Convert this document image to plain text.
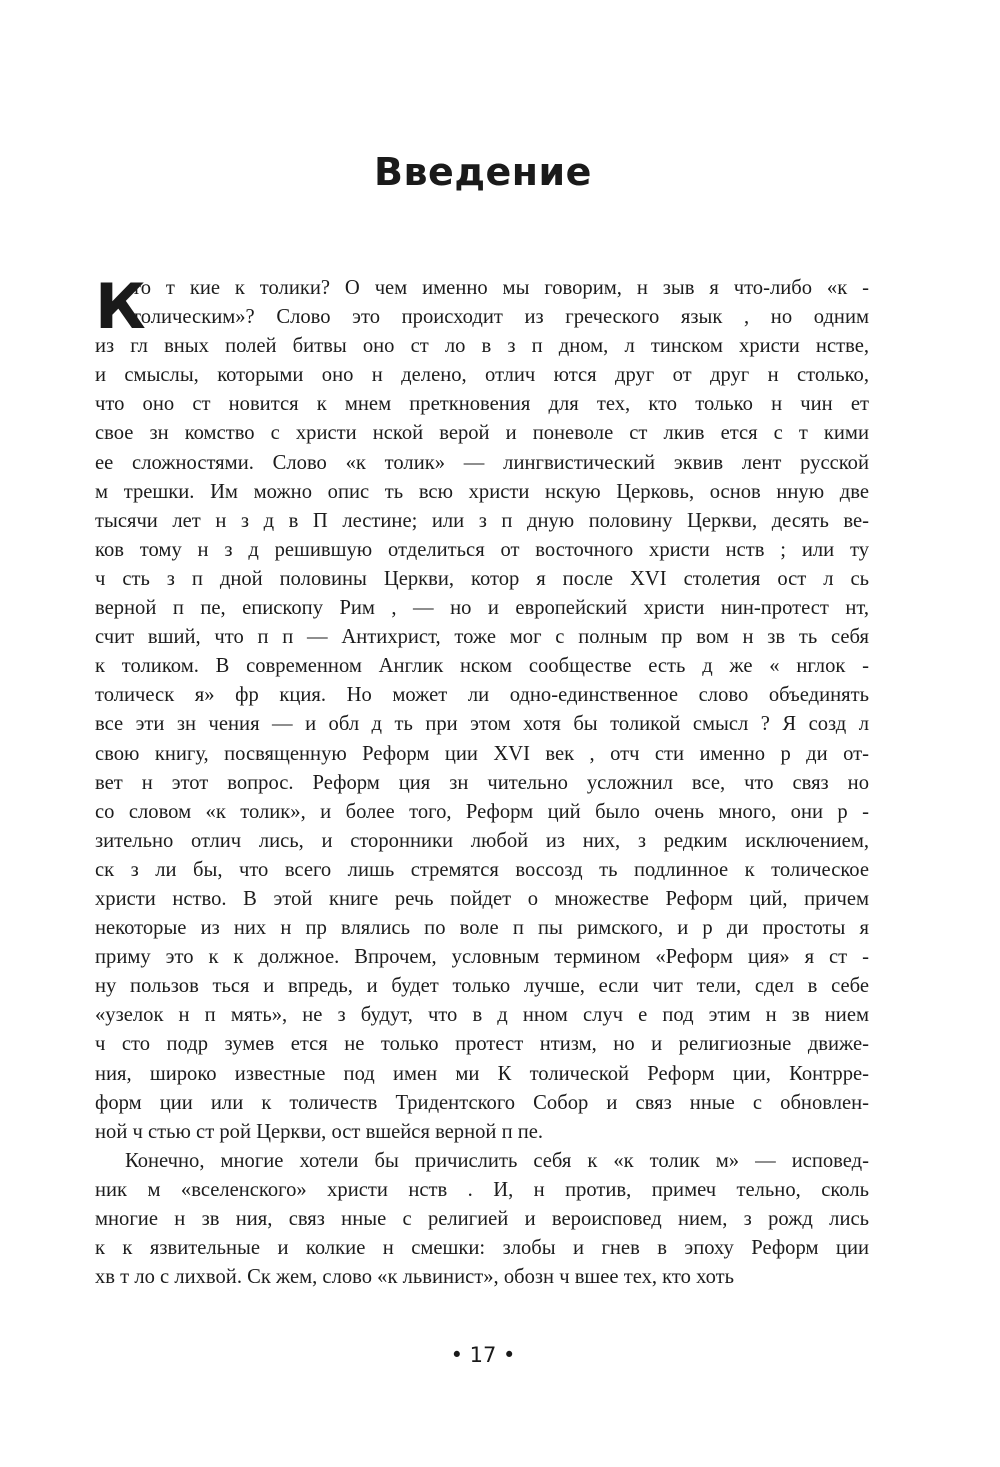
Введение
К
то т кие к толики? О чем именно мы говорим, н зыв я что-либо «к -
толическим»? Слово это происходит из греческого язык , но одним
из гл вных полей битвы оно ст ло в з п дном, л тинском христи нстве,
и смыслы, которыми оно н делено, отлич ются друг от друг н столько,
что оно ст новится к мнем преткновения для тех, кто только н чин ет
свое зн комство с христи нской верой и поневоле ст лкив ется с т кими
ее сложностями. Слово «к толик» — лингвистический эквив лент русской
м трешки. Им можно опис ть всю христи нскую Церковь, основ нную две
тысячи лет н з д в П лестине; или з п дную половину Церкви, десять ве-
ков тому н з д решившую отделиться от восточного христи нств ; или ту
ч сть з п дной половины Церкви, котор я после XVI столетия ост л сь
верной п пе, епископу Рим , — но и европейский христи нин-протест нт,
счит вший, что п п — Антихрист, тоже мог с полным пр вом н зв ть себя
к толиком. В современном Англик нском сообществе есть д же « нглок -
толическ я» фр кция. Но может ли одно-единственное слово объединять
все эти зн чения — и обл д ть при этом хотя бы толикой смысл ? Я созд л
свою книгу, посвященную Реформ ции XVI век , отч сти именно р ди от-
вет н этот вопрос. Реформ ция зн чительно усложнил все, что связ но
со словом «к толик», и более того, Реформ ций было очень много, они р -
зительно отлич лись, и сторонники любой из них, з редким исключением,
ск з ли бы, что всего лишь стремятся воссозд ть подлинное к толическое
христи нство. В этой книге речь пойдет о множестве Реформ ций, причем
некоторые из них н пр влялись по воле п пы римского, и р ди простоты я
приму это к к должное. Впрочем, условным термином «Реформ ция» я ст -
ну пользов ться и впредь, и будет только лучше, если чит тели, сдел в себе
«узелок н п мять», не з будут, что в д нном случ е под этим н зв нием
ч сто подр зумев ется не только протест нтизм, но и религиозные движе-
ния, широко известные под имен ми К толической Реформ ции, Контрре-
форм ции или к толичеств Тридентского Собор и связ нные с обновлен-
ной ч стью ст рой Церкви, ост вшейся верной п пе.
Конечно, многие хотели бы причислить себя к «к толик м» — исповед-
ник м «вселенского» христи нств . И, н против, примеч тельно, сколь
многие н зв ния, связ нные с религией и вероисповед нием, з рожд лись
к к язвительные и колкие н смешки: злобы и гнев в эпоху Реформ ции
хв т ло с лихвой. Ск жем, слово «к львинист», обозн ч вшее тех, кто хоть
• 17 •
